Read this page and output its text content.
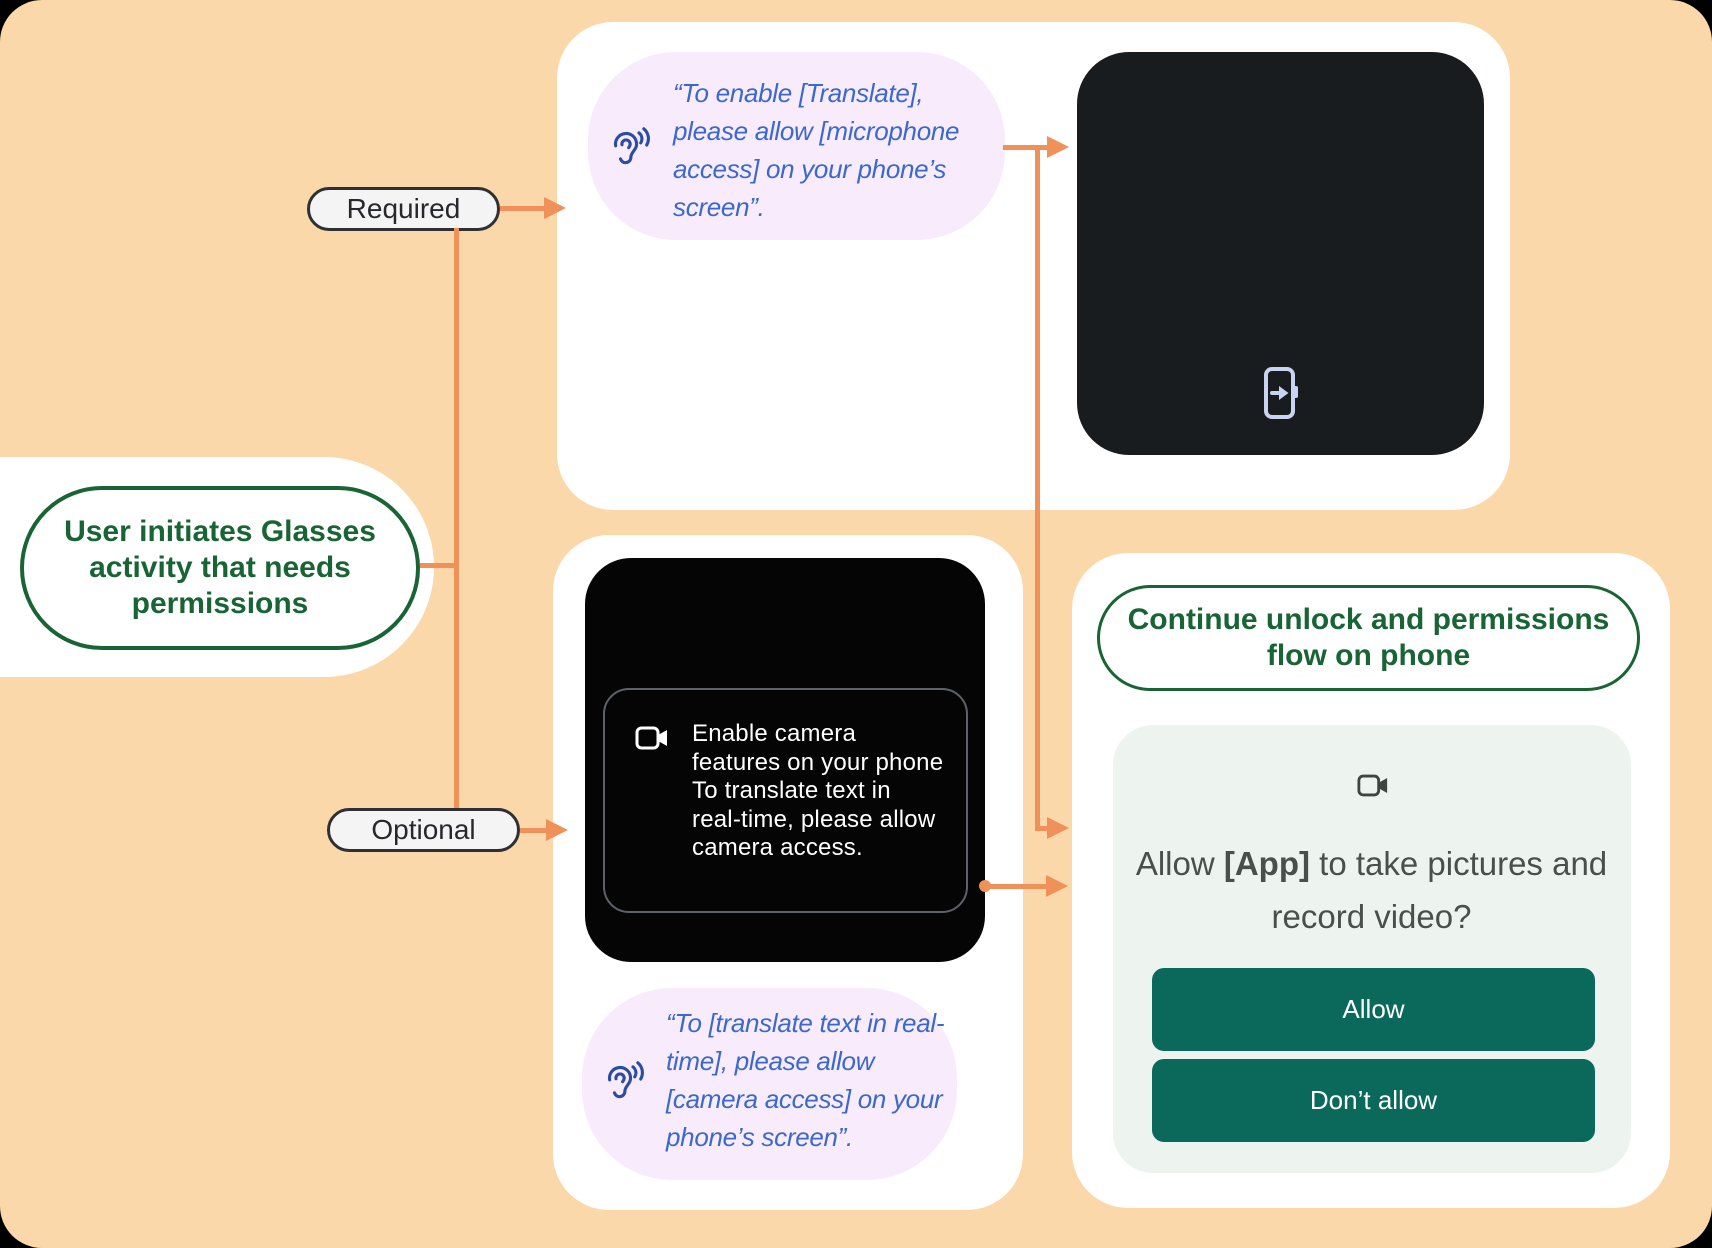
“To enable [Translate], please allow [microphone access] on your phone’s screen”.
User initiates Glasses activity that needs permissions
Required
Optional
Enable camera features on your phone
To translate text in real-time, please allow camera access.
“To [translate text in real-time], please allow [camera access] on your phone’s screen”.
Continue unlock and permissions flow on phone
Allow [App] to take pictures and record video?
Allow
Don’t allow
